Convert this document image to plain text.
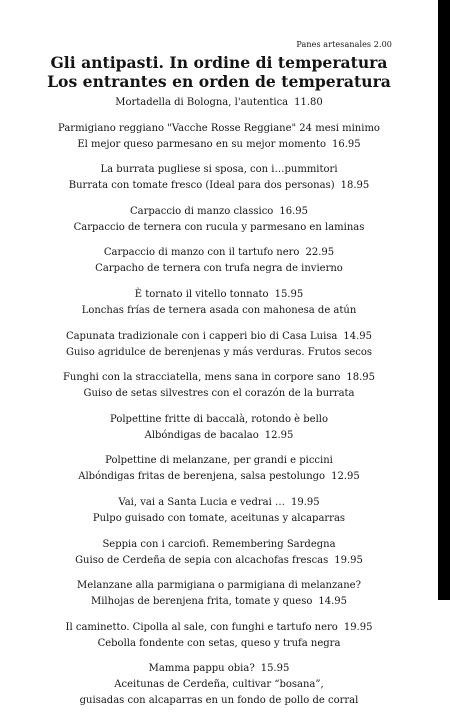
Panes artesanales 2.00
Gli antipasti. In ordine di temperatura
Los entrantes en orden de temperatura
Mortadella di Bologna, l'autentica 11.80
Parmigiano reggiano "Vacche Rosse Reggiane" 24 mesi minimo
El mejor queso parmesano en su mejor momento 16.95
La burrata pugliese si sposa, con i…pummitori
Burrata con tomate fresco (Ideal para dos personas) 18.95
Carpaccio di manzo classico 16.95
Carpaccio de ternera con rucula y parmesano en laminas
Carpaccio di manzo con il tartufo nero 22.95
Carpacho de ternera con trufa negra de invierno
È tornato il vitello tonnato 15.95
Lonchas frías de ternera asada con mahonesa de atún
Capunata tradizionale con i capperi bio di Casa Luisa 14.95
Guiso agridulce de berenjenas y más verduras. Frutos secos
Funghi con la stracciatella, mens sana in corpore sano 18.95
Guiso de setas silvestres con el corazón de la burrata
Polpettine fritte di baccalà, rotondo è bello
Albóndigas de bacalao 12.95
Polpettine di melanzane, per grandi e piccini
Albóndigas fritas de berenjena, salsa pestolungo 12.95
Vai, vai a Santa Lucia e vedrai … 19.95
Pulpo guisado con tomate, aceitunas y alcaparras
Seppia con i carciofi. Remembering Sardegna
Guiso de Cerdeña de sepia con alcachofas frescas 19.95
Melanzane alla parmigiana o parmigiana di melanzane?
Milhojas de berenjena frita, tomate y queso 14.95
Il caminetto. Cipolla al sale, con funghi e tartufo nero 19.95
Cebolla fondente con setas, queso y trufa negra
Mamma pappu obia? 15.95
Aceitunas de Cerdeña, cultivar “bosana”,
guisadas con alcaparras en un fondo de pollo de corral
